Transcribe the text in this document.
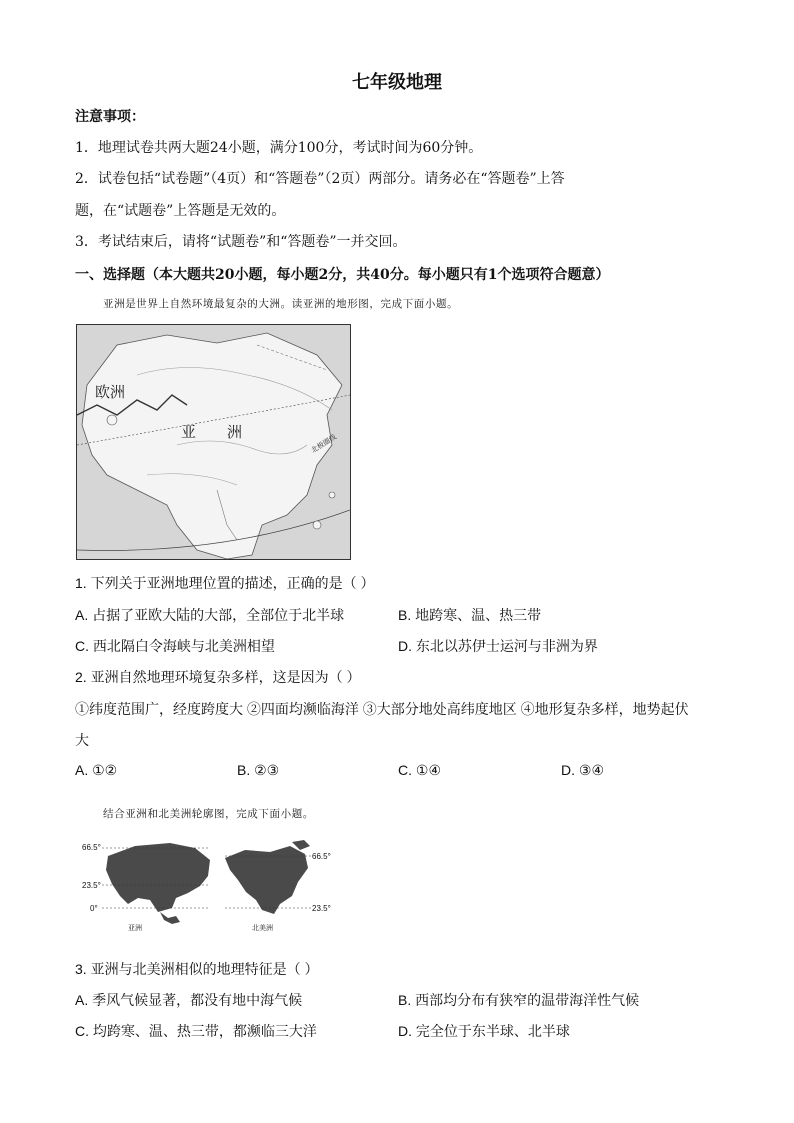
七年级地理
注意事项：
1．地理试卷共两大题24小题，满分100分，考试时间为60分钟。
2．试卷包括“试卷题”（4页）和“答题卷”（2页）两部分。请务必在“答题卷”上答
题，在“试题卷”上答题是无效的。
3．考试结束后，请将“试题卷”和“答题卷”一并交回。
一、选择题（本大题共20小题，每小题2分，共40分。每小题只有1个选项符合题意）
亚洲是世界上自然环境最复杂的大洲。读亚洲的地形图，完成下面小题。
欧洲
亚 洲
北极圈线
1. 下列关于亚洲地理位置的描述，正确的是（ ）
A. 占据了亚欧大陆的大部，全部位于北半球	B. 地跨寒、温、热三带
C. 西北隔白令海峡与北美洲相望	D. 东北以苏伊士运河与非洲为界
2. 亚洲自然地理环境复杂多样，这是因为（ ）
①纬度范围广，经度跨度大 ②四面均濒临海洋 ③大部分地处高纬度地区 ④地形复杂多样，地势起伏
大
A. ①②	B. ②③	C. ①④	D. ③④
结合亚洲和北美洲轮廓图，完成下面小题。
66.5°
23.5°
0°
亚洲
66.5°
23.5°
北美洲
3. 亚洲与北美洲相似的地理特征是（ ）
A. 季风气候显著，都没有地中海气候	B. 西部均分布有狭窄的温带海洋性气候
C. 均跨寒、温、热三带，都濒临三大洋	D. 完全位于东半球、北半球
